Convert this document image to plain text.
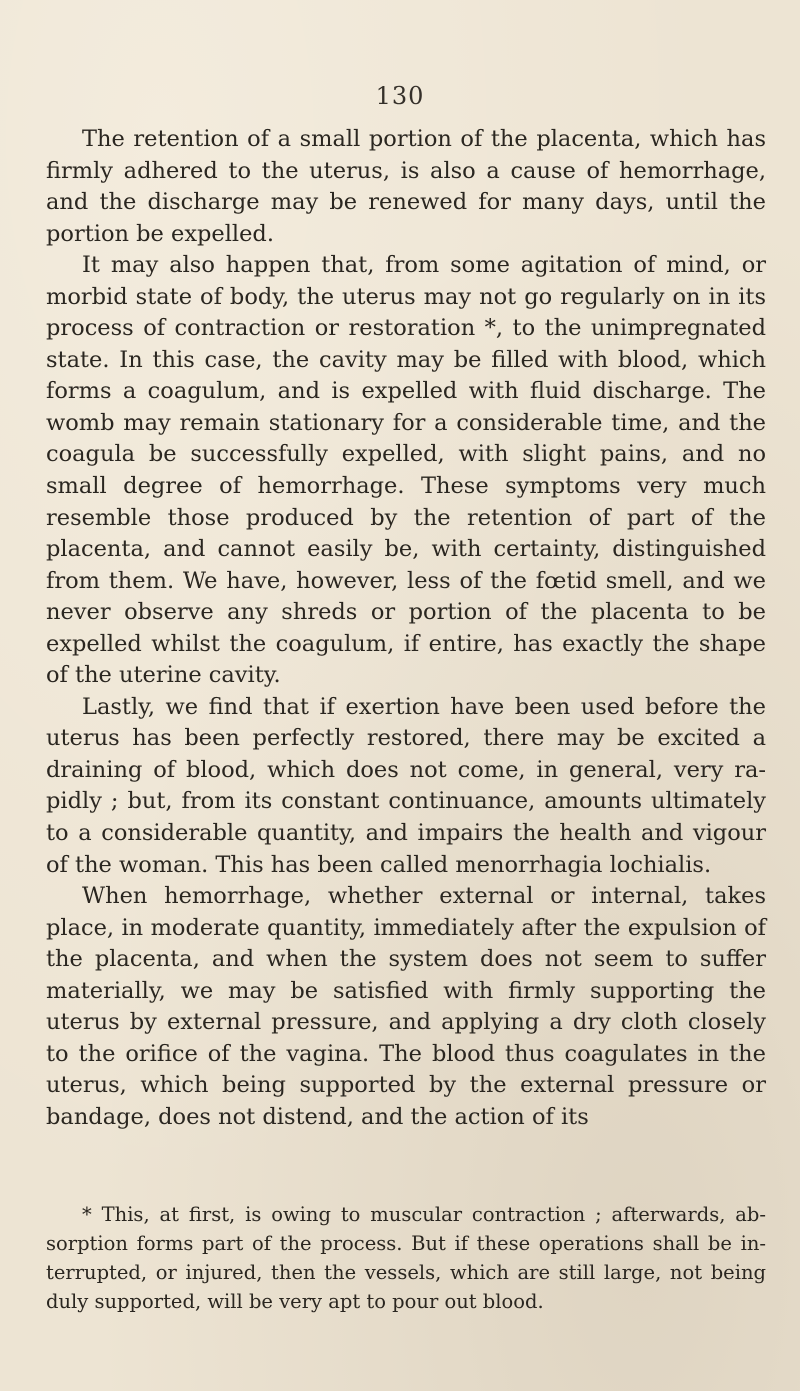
130

The retention of a small portion of the placenta, which has firmly adhered to the uterus, is also a cause of hemorrhage, and the discharge may be renewed for many days, until the portion be expelled.

It may also happen that, from some agitation of mind, or morbid state of body, the uterus may not go regularly on in its process of contraction or restoration *, to the unimpregnated state. In this case, the cavity may be filled with blood, which forms a coagulum, and is expelled with fluid discharge. The womb may remain stationary for a considerable time, and the coagula be successfully expelled, with slight pains, and no small degree of hemorrhage. These symptoms very much resemble those produced by the retention of part of the placenta, and cannot easily be, with certainty, distinguished from them. We have, however, less of the fœtid smell, and we never observe any shreds or portion of the placenta to be expelled whilst the coagulum, if entire, has exactly the shape of the uterine cavity.

Lastly, we find that if exertion have been used before the uterus has been perfectly restored, there may be excited a draining of blood, which does not come, in general, very rapidly ; but, from its constant continuance, amounts ultimately to a considerable quantity, and impairs the health and vigour of the woman. This has been called menorrhagia lochialis.

When hemorrhage, whether external or internal, takes place, in moderate quantity, immediately after the expulsion of the placenta, and when the system does not seem to suffer materially, we may be satisfied with firmly supporting the uterus by external pressure, and applying a dry cloth closely to the orifice of the vagina. The blood thus coagulates in the uterus, which being supported by the external pressure or bandage, does not distend, and the action of its

* This, at first, is owing to muscular contraction ; afterwards, absorption forms part of the process. But if these operations shall be interrupted, or injured, then the vessels, which are still large, not being duly supported, will be very apt to pour out blood.
